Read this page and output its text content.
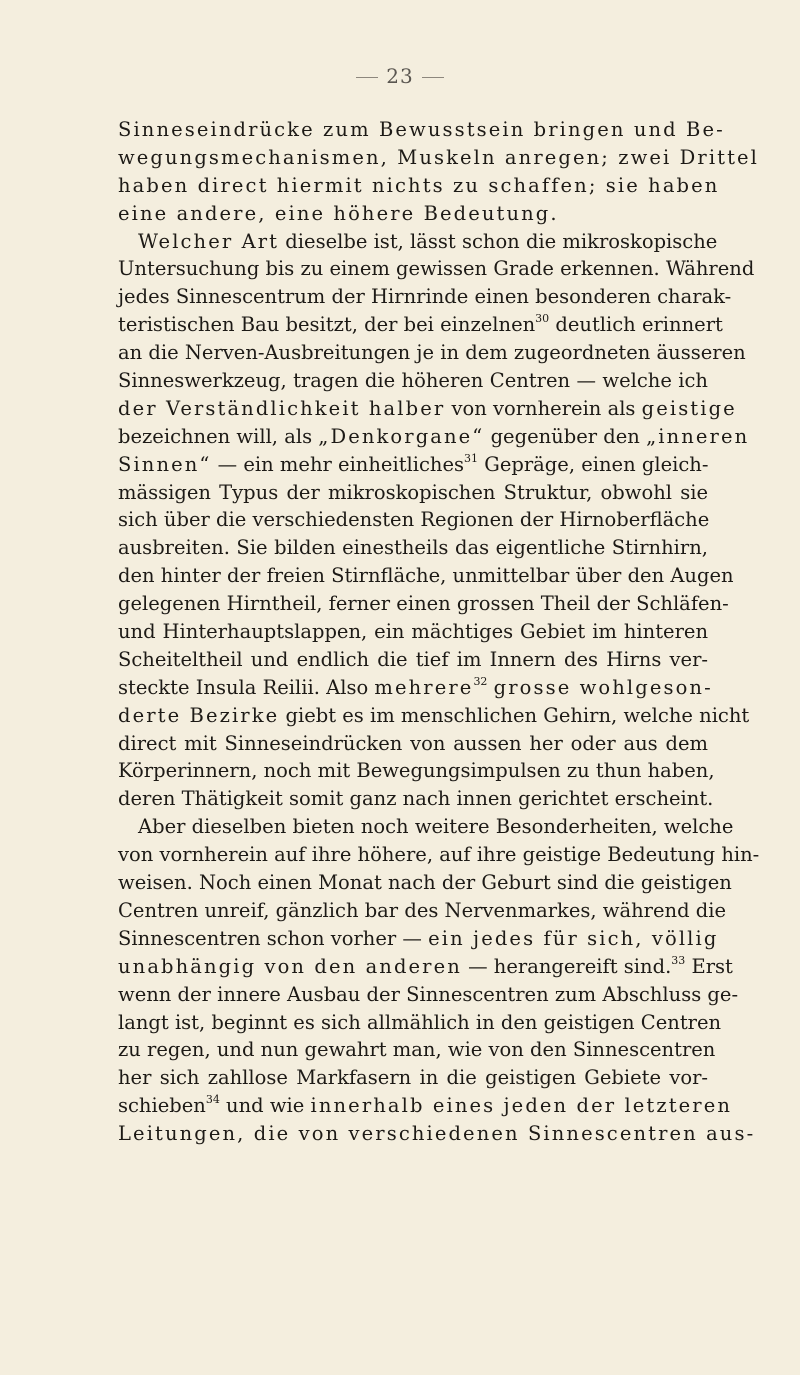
23
Sinneseindrücke zum Bewusstsein bringen und Be-
wegungsmechanismen, Muskeln anregen; zwei Drittel
haben direct hiermit nichts zu schaffen; sie haben
eine andere, eine höhere Bedeutung.
Welcher Art dieselbe ist, lässt schon die mikroskopische
Untersuchung bis zu einem gewissen Grade erkennen. Während
jedes Sinnescentrum der Hirnrinde einen besonderen charak-
teristischen Bau besitzt, der bei einzelnen$^{30}$ deutlich erinnert
an die Nerven-Ausbreitungen je in dem zugeordneten äusseren
Sinneswerkzeug, tragen die höheren Centren — welche ich
der Verständlichkeit halber von vornherein als geistige
bezeichnen will, als „Denkorgane“ gegenüber den „inneren
Sinnen“ — ein mehr einheitliches$^{31}$ Gepräge, einen gleich-
mässigen Typus der mikroskopischen Struktur, obwohl sie
sich über die verschiedensten Regionen der Hirnoberfläche
ausbreiten. Sie bilden einestheils das eigentliche Stirnhirn,
den hinter der freien Stirnfläche, unmittelbar über den Augen
gelegenen Hirntheil, ferner einen grossen Theil der Schläfen-
und Hinterhauptslappen, ein mächtiges Gebiet im hinteren
Scheiteltheil und endlich die tief im Innern des Hirns ver-
steckte Insula Reilii. Also mehrere$^{32}$ grosse wohlgeson-
derte Bezirke giebt es im menschlichen Gehirn, welche nicht
direct mit Sinneseindrücken von aussen her oder aus dem
Körperinnern, noch mit Bewegungsimpulsen zu thun haben,
deren Thätigkeit somit ganz nach innen gerichtet erscheint.
Aber dieselben bieten noch weitere Besonderheiten, welche
von vornherein auf ihre höhere, auf ihre geistige Bedeutung hin-
weisen. Noch einen Monat nach der Geburt sind die geistigen
Centren unreif, gänzlich bar des Nervenmarkes, während die
Sinnescentren schon vorher — ein jedes für sich, völlig
unabhängig von den anderen — herangereift sind.$^{33}$ Erst
wenn der innere Ausbau der Sinnescentren zum Abschluss ge-
langt ist, beginnt es sich allmählich in den geistigen Centren
zu regen, und nun gewahrt man, wie von den Sinnescentren
her sich zahllose Markfasern in die geistigen Gebiete vor-
schieben$^{34}$ und wie innerhalb eines jeden der letzteren
Leitungen, die von verschiedenen Sinnescentren aus-
